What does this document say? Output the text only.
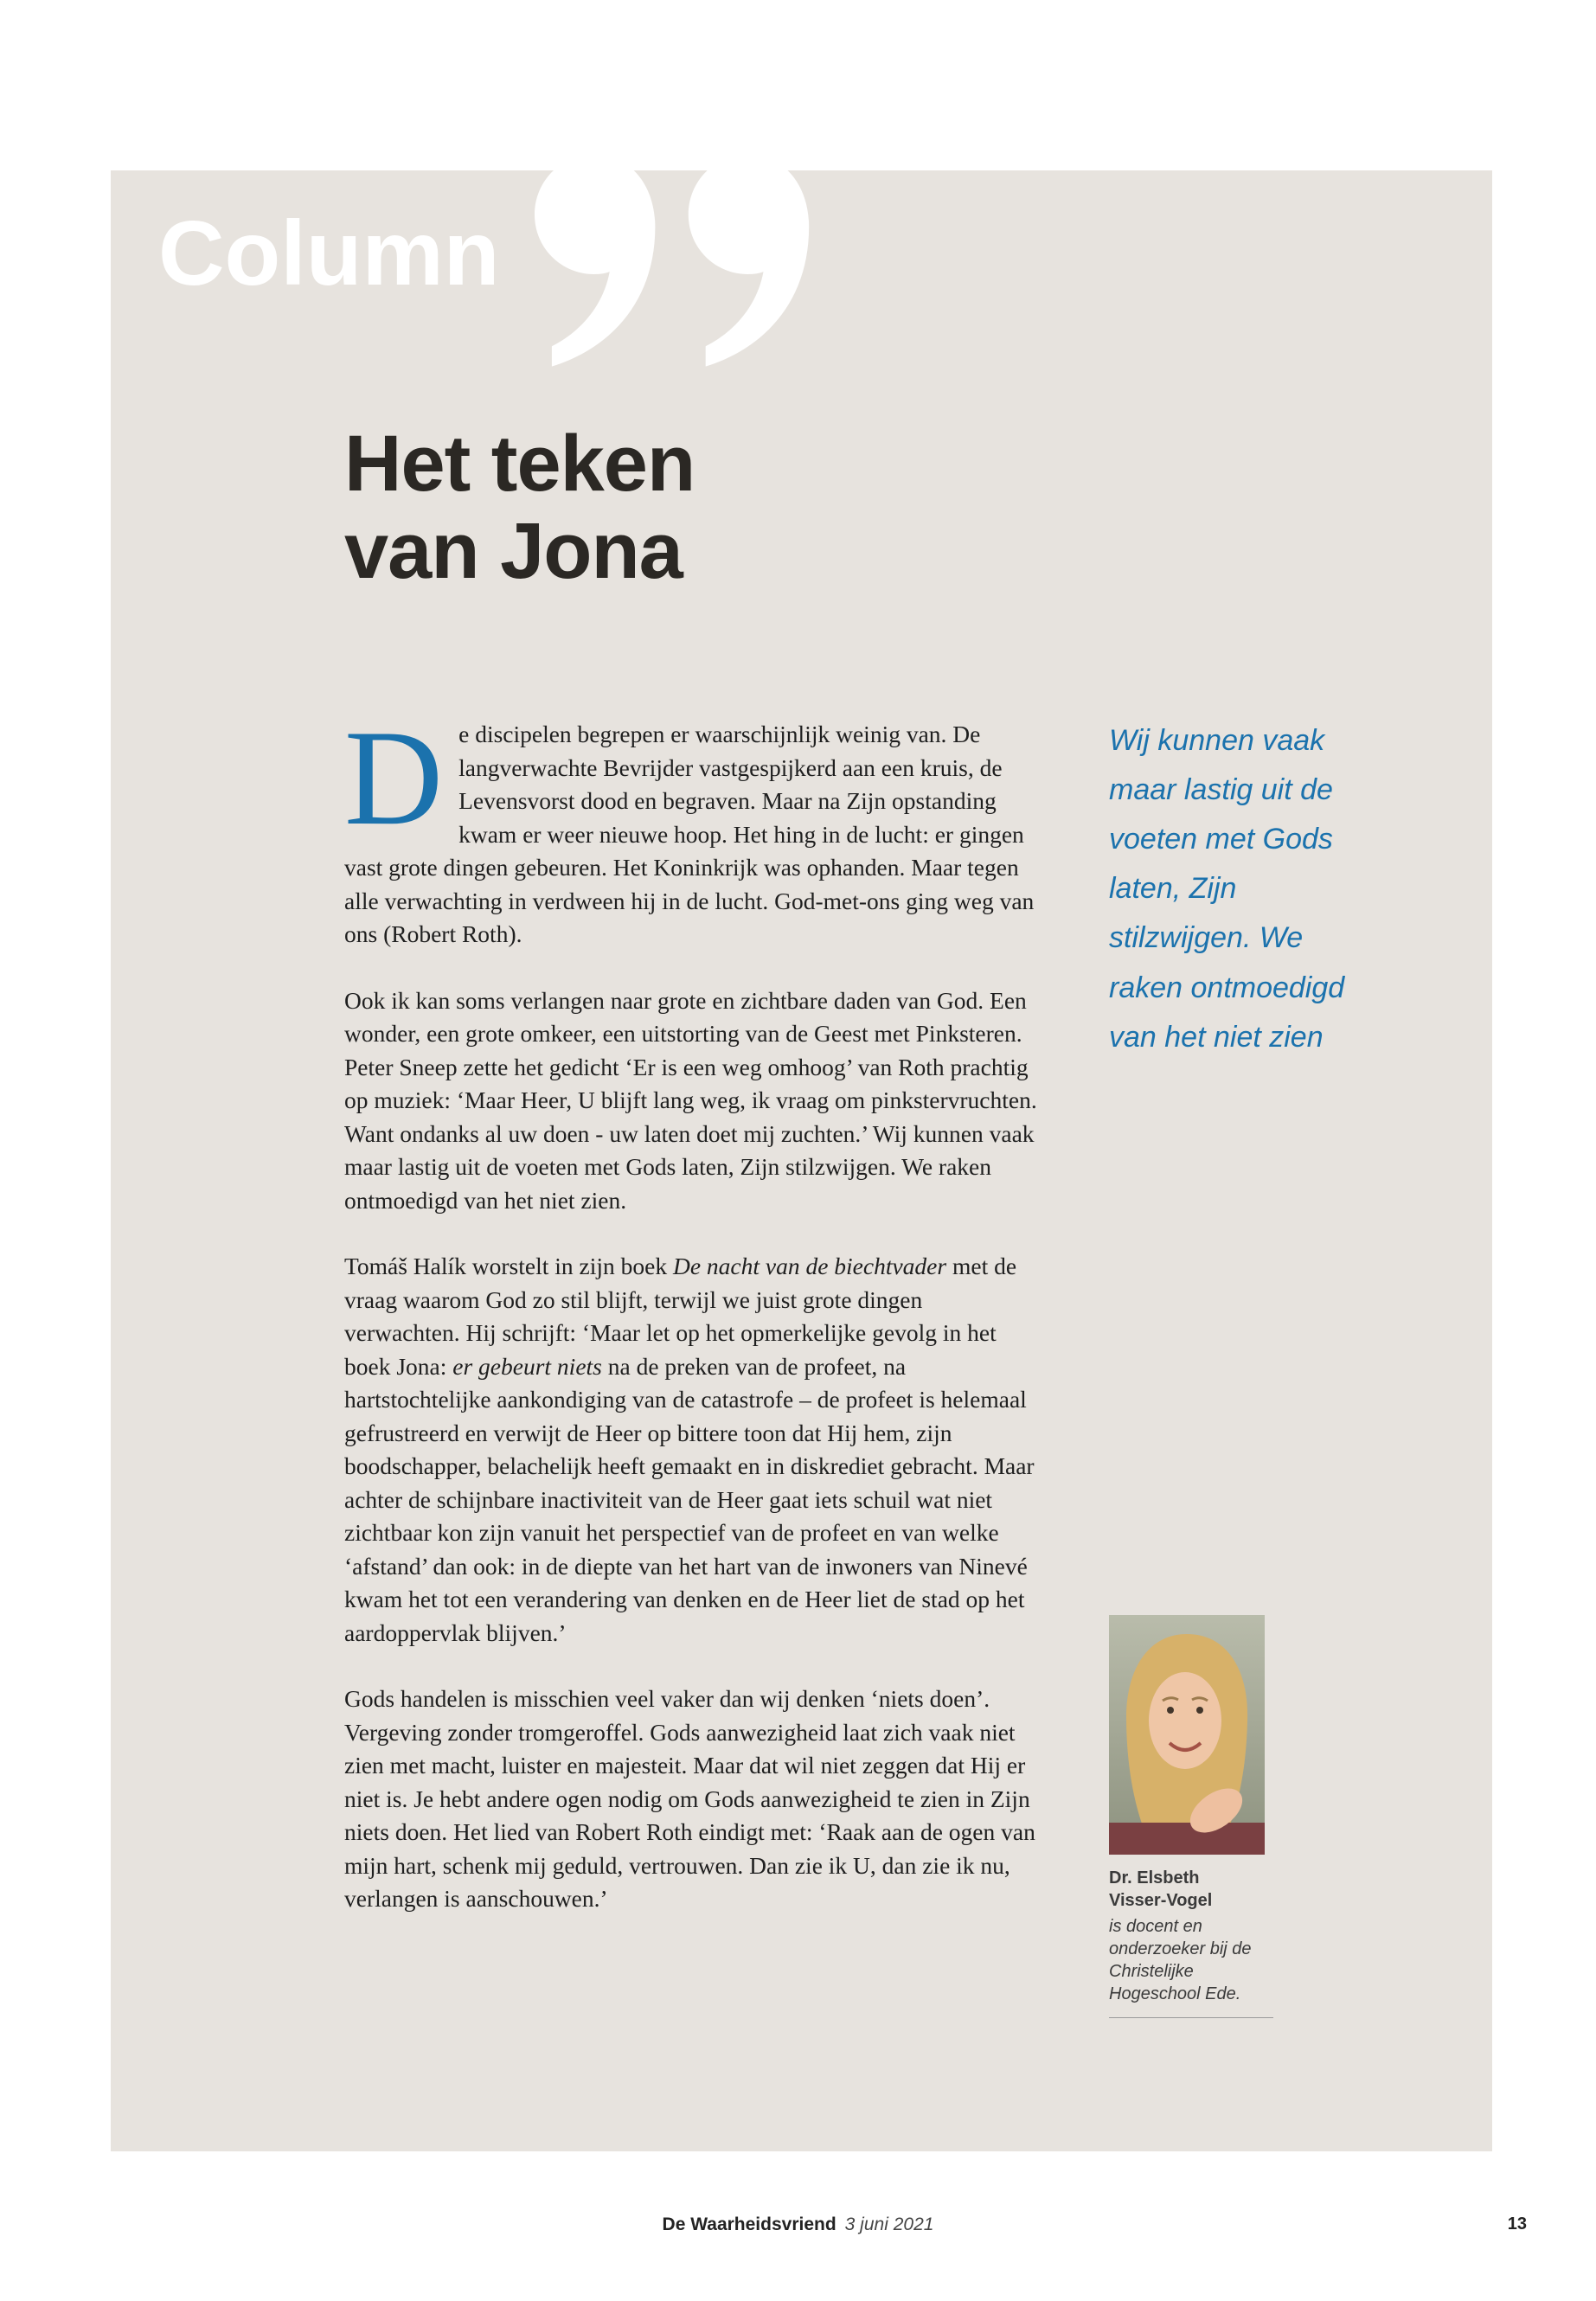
Column
Het teken
van Jona

De discipelen begrepen er waarschijnlijk weinig van. De langverwachte Bevrijder vastgespijkerd aan een kruis, de Levensvorst dood en begraven. Maar na Zijn opstanding kwam er weer nieuwe hoop. Het hing in de lucht: er gingen vast grote dingen gebeuren. Het Koninkrijk was ophanden. Maar tegen alle verwachting in verdween hij in de lucht. God-met-ons ging weg van ons (Robert Roth).

Ook ik kan soms verlangen naar grote en zichtbare daden van God. Een wonder, een grote omkeer, een uitstorting van de Geest met Pinksteren. Peter Sneep zette het gedicht ‘Er is een weg omhoog’ van Roth prachtig op muziek: ‘Maar Heer, U blijft lang weg, ik vraag om pinkstervruchten. Want ondanks al uw doen - uw laten doet mij zuchten.’ Wij kunnen vaak maar lastig uit de voeten met Gods laten, Zijn stilzwijgen. We raken ontmoedigd van het niet zien.

Tomáš Halík worstelt in zijn boek De nacht van de biechtvader met de vraag waarom God zo stil blijft, terwijl we juist grote dingen verwachten. Hij schrijft: ‘Maar let op het opmerkelijke gevolg in het boek Jona: er gebeurt niets na de preken van de profeet, na hartstochtelijke aankondiging van de catastrofe – de profeet is helemaal gefrustreerd en verwijt de Heer op bittere toon dat Hij hem, zijn boodschapper, belachelijk heeft gemaakt en in diskrediet gebracht. Maar achter de schijnbare inactiviteit van de Heer gaat iets schuil wat niet zichtbaar kon zijn vanuit het perspectief van de profeet en van welke ‘afstand’ dan ook: in de diepte van het hart van de inwoners van Ninevé kwam het tot een verandering van denken en de Heer liet de stad op het aardoppervlak blijven.’

Gods handelen is misschien veel vaker dan wij denken ‘niets doen’. Vergeving zonder tromgeroffel. Gods aanwezigheid laat zich vaak niet zien met macht, luister en majesteit. Maar dat wil niet zeggen dat Hij er niet is. Je hebt andere ogen nodig om Gods aanwezigheid te zien in Zijn niets doen. Het lied van Robert Roth eindigt met: ‘Raak aan de ogen van mijn hart, schenk mij geduld, vertrouwen. Dan zie ik U, dan zie ik nu, verlangen is aanschouwen.’

Wij kunnen vaak maar lastig uit de voeten met Gods laten, Zijn stilzwijgen. We raken ontmoedigd van het niet zien
Dr. Elsbeth Visser-Vogel
is docent en onderzoeker bij de Christelijke Hogeschool Ede.
De Waarheidsvriend 3 juni 2021	13
